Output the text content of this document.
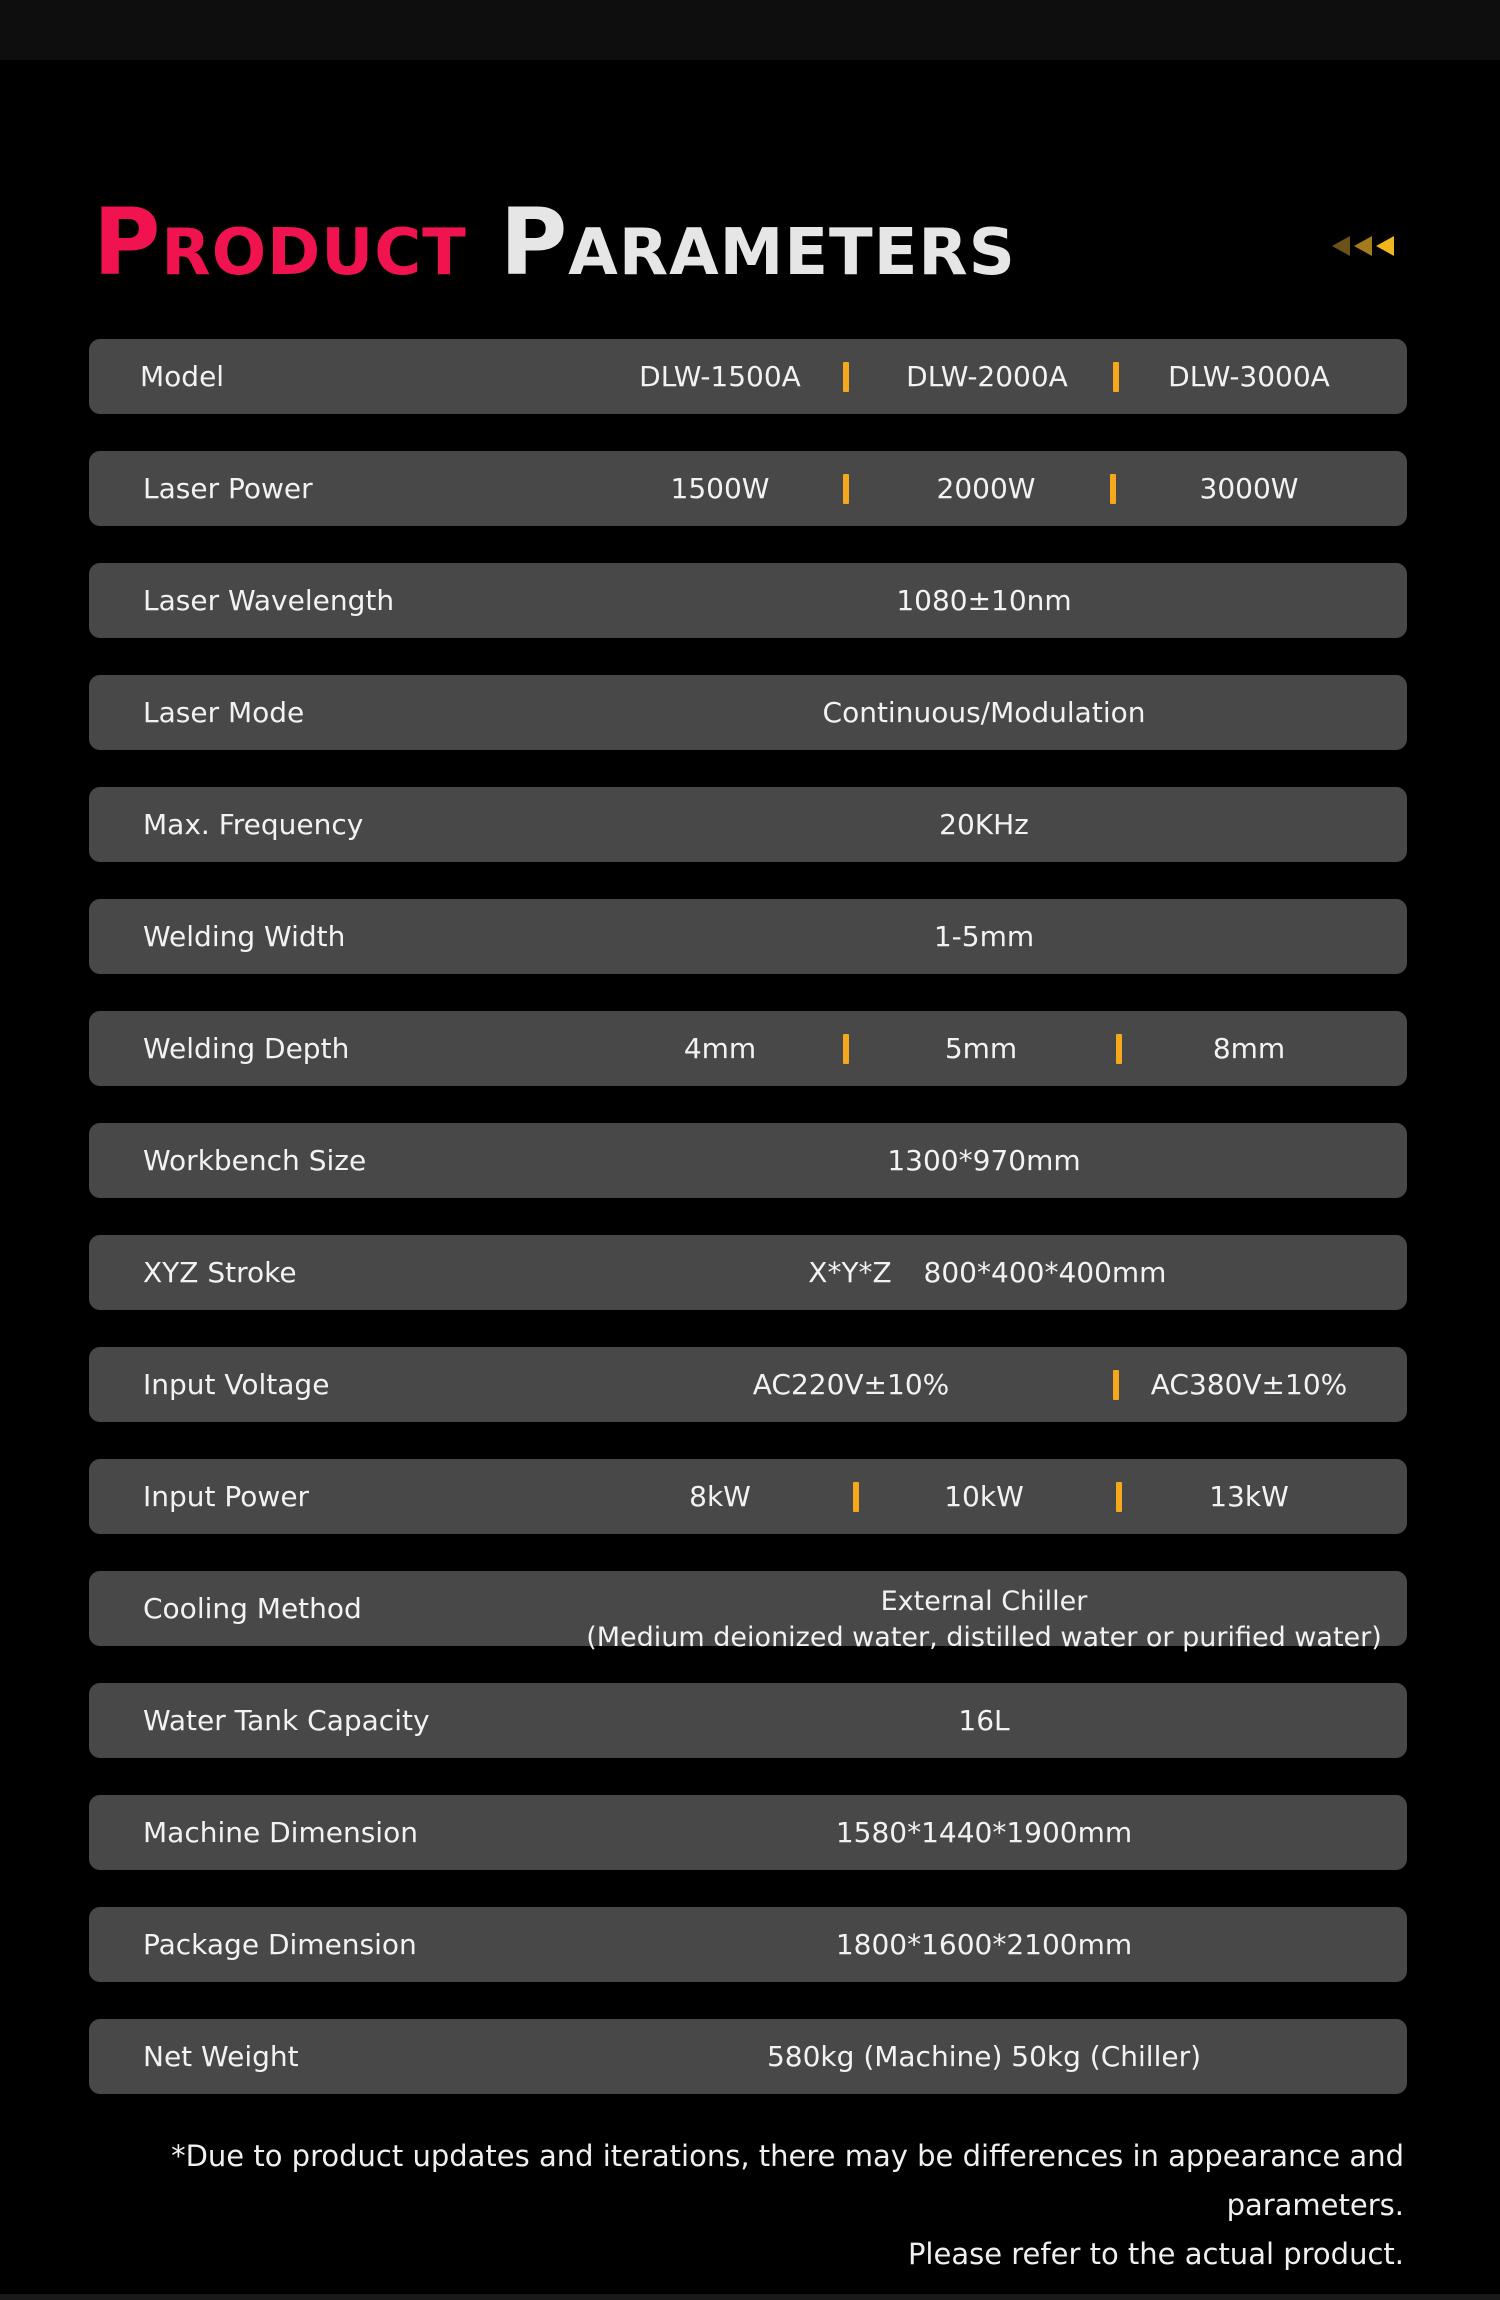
Product Parameters
Model	DLW-1500A	DLW-2000A	DLW-3000A
Laser Power	1500W	2000W	3000W
Laser Wavelength	1080±10nm
Laser Mode	Continuous/Modulation
Max. Frequency	20KHz
Welding Width	1-5mm
Welding Depth	4mm	5mm	8mm
Workbench Size	1300*970mm
XYZ Stroke	X*Y*Z 800*400*400mm
Input Voltage	AC220V±10%	AC380V±10%
Input Power	8kW	10kW	13kW
Cooling Method	External Chiller
(Medium deionized water, distilled water or purified water)
Water Tank Capacity	16L
Machine Dimension	1580*1440*1900mm
Package Dimension	1800*1600*2100mm
Net Weight	580kg (Machine) 50kg (Chiller)
*Due to product updates and iterations, there may be differences in appearance and parameters.
Please refer to the actual product.
